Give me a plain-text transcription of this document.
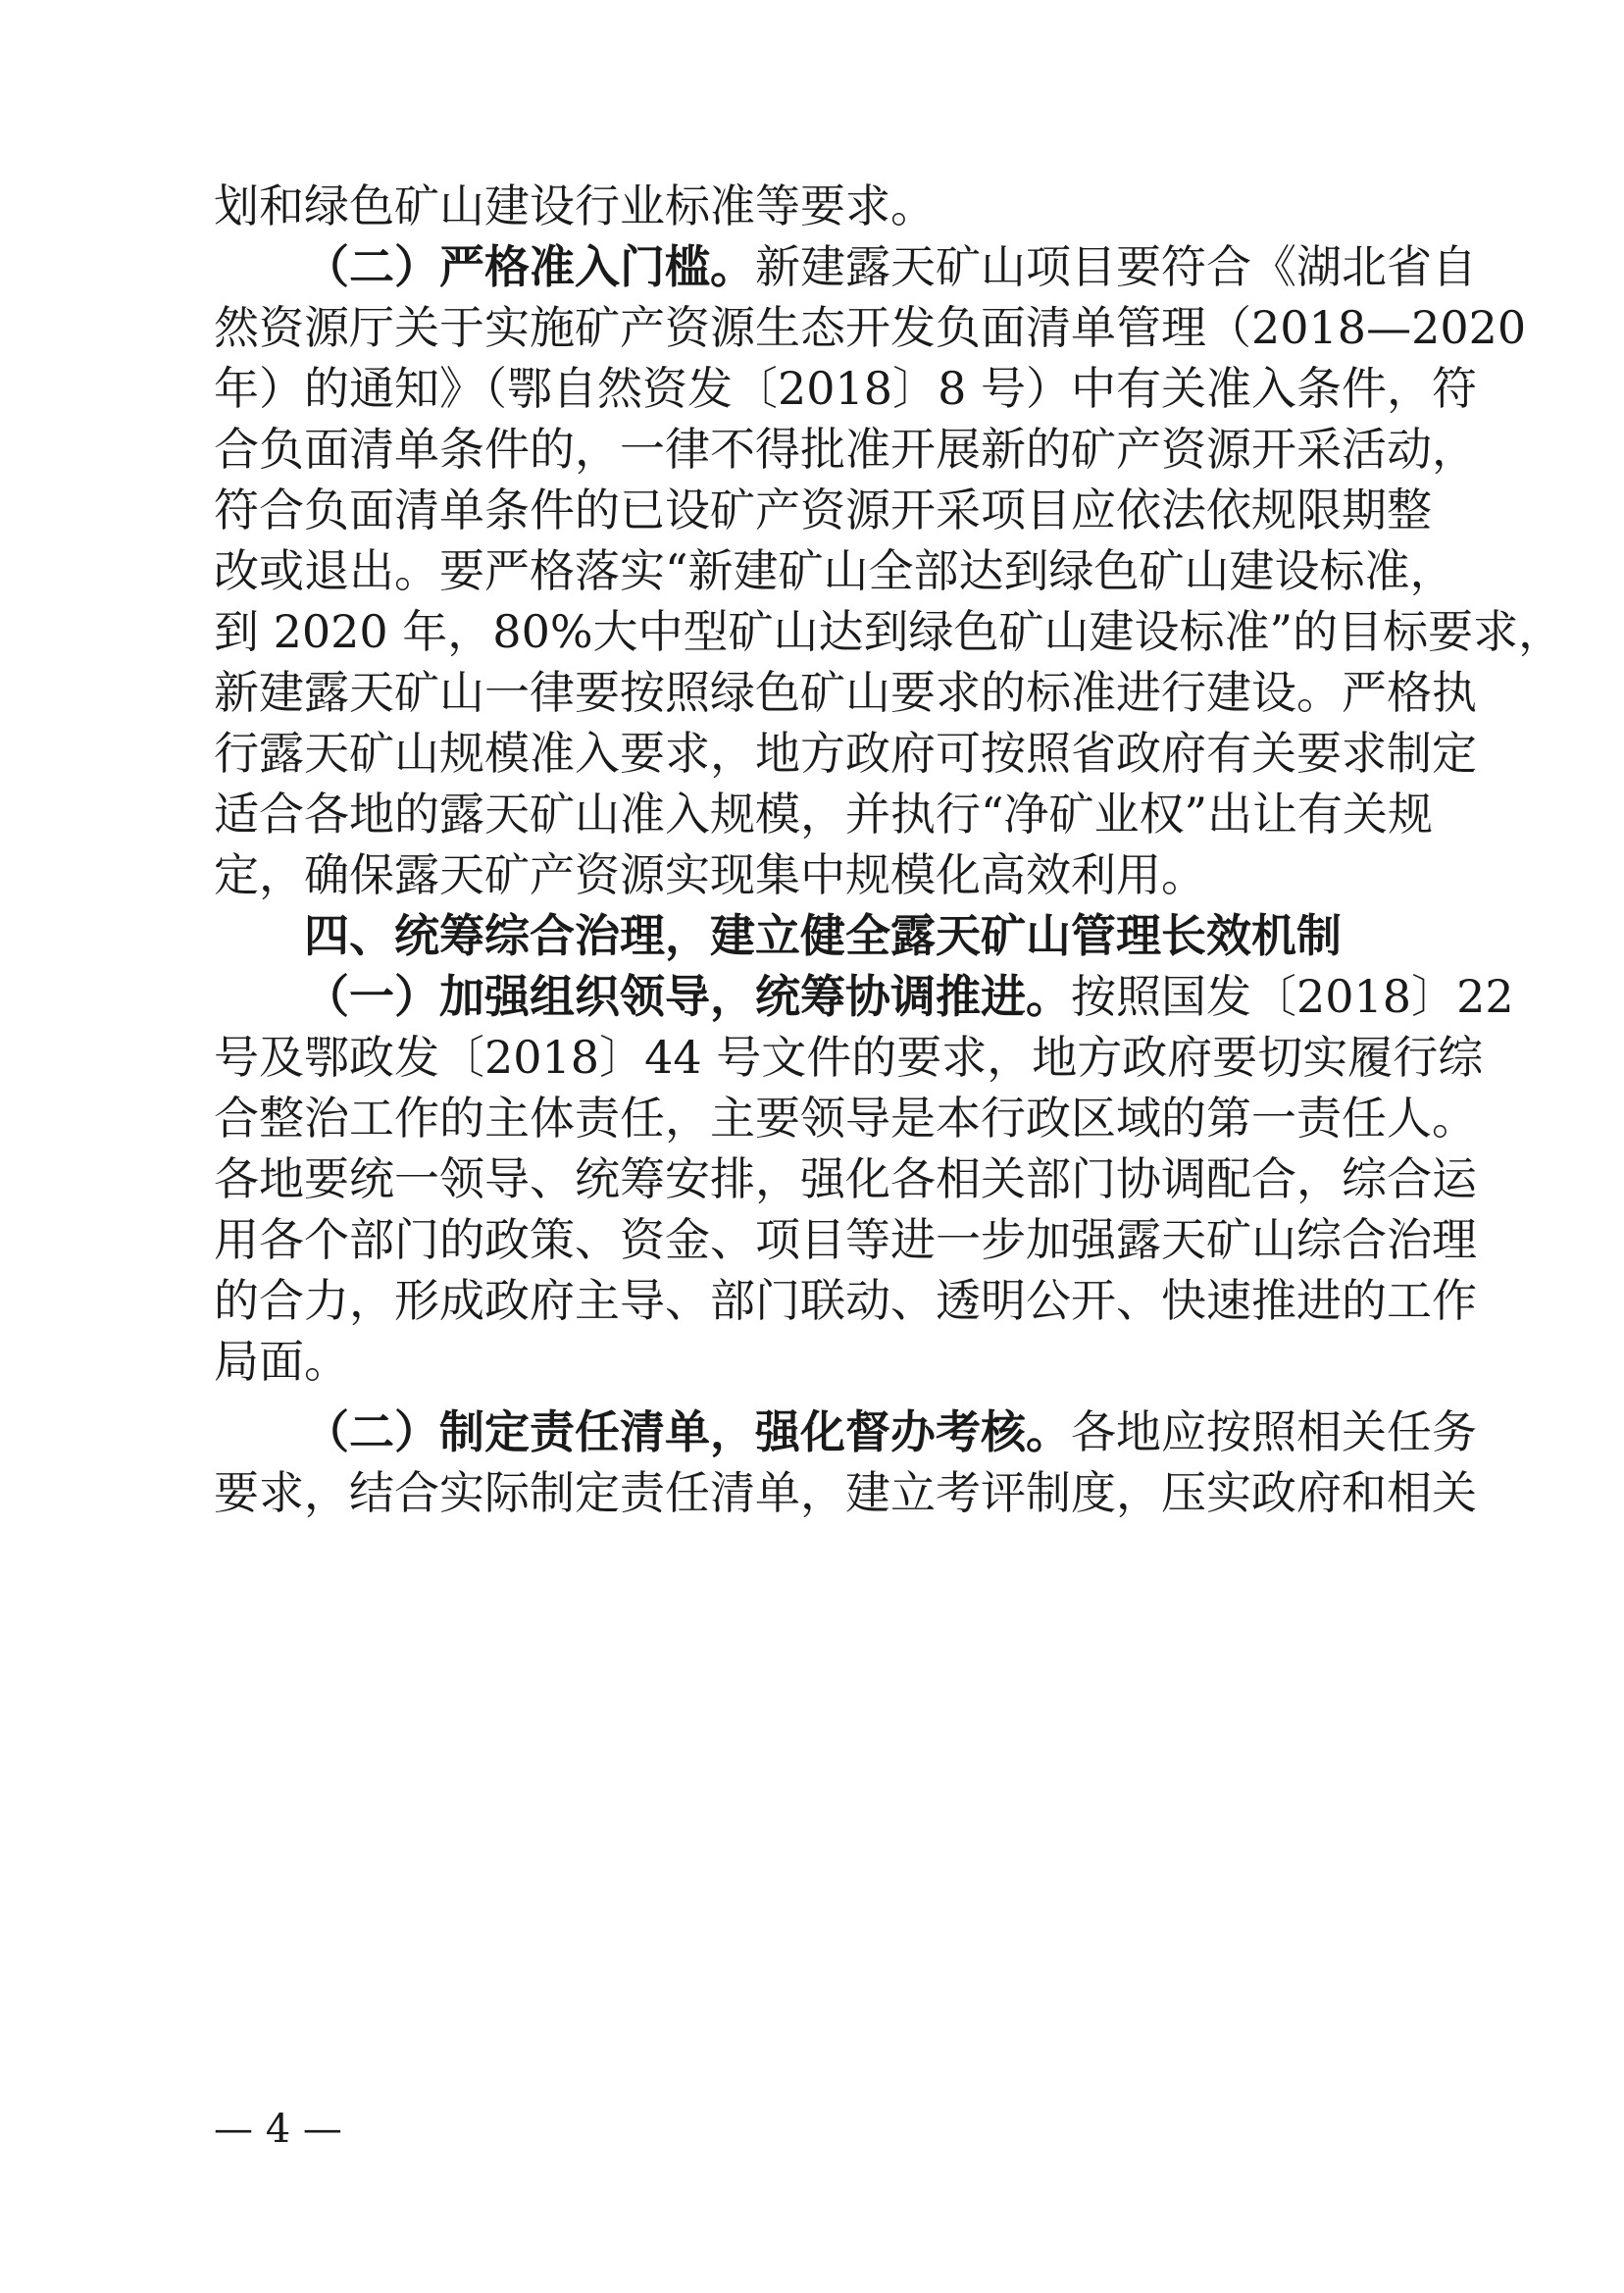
划和绿色矿山建设行业标准等要求。
（二）严格准入门槛。新建露天矿山项目要符合《湖北省自
然资源厅关于实施矿产资源生态开发负面清单管理（2018—2020
年）的通知》（鄂自然资发〔2018〕8 号）中有关准入条件，符
合负面清单条件的，一律不得批准开展新的矿产资源开采活动，
符合负面清单条件的已设矿产资源开采项目应依法依规限期整
改或退出。要严格落实“新建矿山全部达到绿色矿山建设标准，
到 2020 年，80%大中型矿山达到绿色矿山建设标准”的目标要求，
新建露天矿山一律要按照绿色矿山要求的标准进行建设。严格执
行露天矿山规模准入要求，地方政府可按照省政府有关要求制定
适合各地的露天矿山准入规模，并执行“净矿业权”出让有关规
定，确保露天矿产资源实现集中规模化高效利用。
四、统筹综合治理，建立健全露天矿山管理长效机制
（一）加强组织领导，统筹协调推进。按照国发〔2018〕22
号及鄂政发〔2018〕44 号文件的要求，地方政府要切实履行综
合整治工作的主体责任，主要领导是本行政区域的第一责任人。
各地要统一领导、统筹安排，强化各相关部门协调配合，综合运
用各个部门的政策、资金、项目等进一步加强露天矿山综合治理
的合力，形成政府主导、部门联动、透明公开、快速推进的工作
局面。
（二）制定责任清单，强化督办考核。各地应按照相关任务
要求，结合实际制定责任清单，建立考评制度，压实政府和相关
— 4 —
